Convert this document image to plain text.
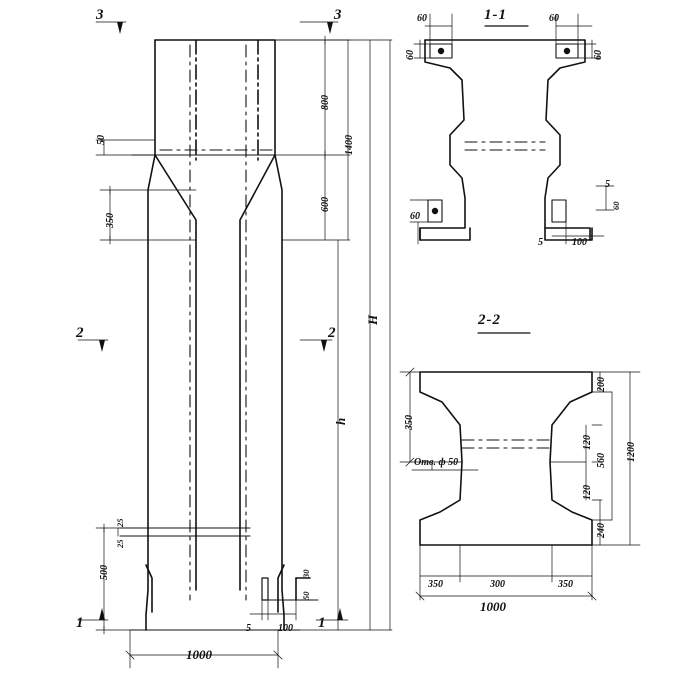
3	3
2	2
1	1
1-1
2-2
800
1400
600
350
500
25
25
H
h
50
5	100
30
50
1000
60	60
60	60
60
5
60
5	100
350
200
120
560
120
240
1200
350	300	350
1000
Отв. ф 50
